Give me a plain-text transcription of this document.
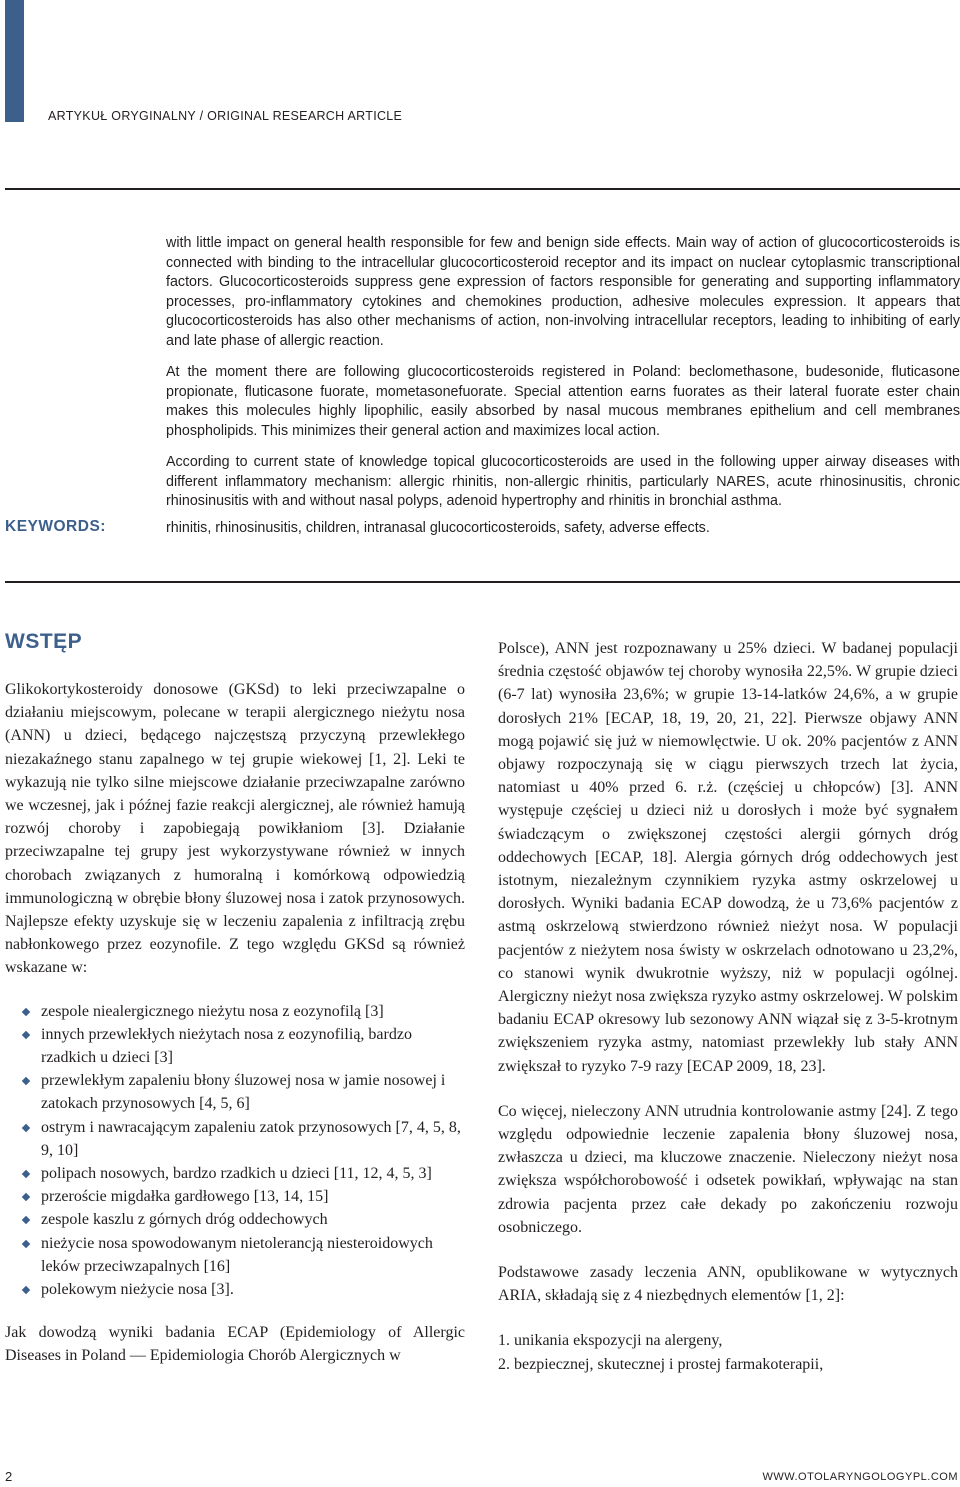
ARTYKUŁ ORYGINALNY / ORIGINAL RESEARCH ARTICLE

with little impact on general health responsible for few and benign side effects. Main way of action of glucocorticosteroids is connected with binding to the intracellular glucocorticosteroid receptor and its impact on nuclear cytoplasmic transcriptional factors. Glucocorticosteroids suppress gene expression of factors responsible for generating and supporting inflammatory processes, pro-inflammatory cytokines and chemokines production, adhesive molecules expression. It appears that glucocorticosteroids has also other mechanisms of action, non-involving intracellular receptors, leading to inhibiting of early and late phase of allergic reaction.

At the moment there are following glucocorticosteroids registered in Poland: beclomethasone, budesonide, fluticasone propionate, fluticasone fuorate, mometasonefuorate. Special attention earns fuorates as their lateral fuorate ester chain makes this molecules highly lipophilic, easily absorbed by nasal mucous membranes epithelium and cell membranes phospholipids. This minimizes their general action and maximizes local action.

According to current state of knowledge topical glucocorticosteroids are used in the following upper airway diseases with different inflammatory mechanism: allergic rhinitis, non-allergic rhinitis, particularly NARES, acute rhinosinusitis, chronic rhinosinusitis with and without nasal polyps, adenoid hypertrophy and rhinitis in bronchial asthma.

KEYWORDS:	rhinitis, rhinosinusitis, children, intranasal glucocorticosteroids, safety, adverse effects.
WSTĘP

Glikokortykosteroidy donosowe (GKSd) to leki przeciwzapalne o działaniu miejscowym, polecane w terapii alergicznego nieżytu nosa (ANN) u dzieci, będącego najczęstszą przyczyną przewlekłego niezakaźnego stanu zapalnego w tej grupie wiekowej [1, 2]. Leki te wykazują nie tylko silne miejscowe działanie przeciwzapalne zarówno we wczesnej, jak i późnej fazie reakcji alergicznej, ale również hamują rozwój choroby i zapobiegają powikłaniom [3]. Działanie przeciwzapalne tej grupy jest wykorzystywane również w innych chorobach związanych z humoralną i komórkową odpowiedzią immunologiczną w obrębie błony śluzowej nosa i zatok przynosowych. Najlepsze efekty uzyskuje się w leczeniu zapalenia z infiltracją zrębu nabłonkowego przez eozynofile. Z tego względu GKSd są również wskazane w:

zespole niealergicznego nieżytu nosa z eozynofilą [3]
innych przewlekłych nieżytach nosa z eozynofilią, bardzo rzadkich u dzieci [3]
przewlekłym zapaleniu błony śluzowej nosa w jamie nosowej i zatokach przynosowych [4, 5, 6]
ostrym i nawracającym zapaleniu zatok przynosowych [7, 4, 5, 8, 9, 10]
polipach nosowych, bardzo rzadkich u dzieci [11, 12, 4, 5, 3]
przeroście migdałka gardłowego [13, 14, 15]
zespole kaszlu z górnych dróg oddechowych
nieżycie nosa spowodowanym nietolerancją niesteroidowych leków przeciwzapalnych [16]
polekowym nieżycie nosa [3].

Jak dowodzą wyniki badania ECAP (Epidemiology of Allergic Diseases in Poland — Epidemiologia Chorób Alergicznych w

Polsce), ANN jest rozpoznawany u 25% dzieci. W badanej populacji średnia częstość objawów tej choroby wynosiła 22,5%. W grupie dzieci (6-7 lat) wynosiła 23,6%; w grupie 13-14-latków 24,6%, a w grupie dorosłych 21% [ECAP, 18, 19, 20, 21, 22]. Pierwsze objawy ANN mogą pojawić się już w niemowlęctwie. U ok. 20% pacjentów z ANN objawy rozpoczynają się w ciągu pierwszych trzech lat życia, natomiast u 40% przed 6. r.ż. (częściej u chłopców) [3]. ANN występuje częściej u dzieci niż u dorosłych i może być sygnałem świadczącym o zwiększonej częstości alergii górnych dróg oddechowych [ECAP, 18]. Alergia górnych dróg oddechowych jest istotnym, niezależnym czynnikiem ryzyka astmy oskrzelowej u dorosłych. Wyniki badania ECAP dowodzą, że u 73,6% pacjentów z astmą oskrzelową stwierdzono również nieżyt nosa. W populacji pacjentów z nieżytem nosa świsty w oskrzelach odnotowano u 23,2%, co stanowi wynik dwukrotnie wyższy, niż w populacji ogólnej. Alergiczny nieżyt nosa zwiększa ryzyko astmy oskrzelowej. W polskim badaniu ECAP okresowy lub sezonowy ANN wiązał się z 3-5-krotnym zwiększeniem ryzyka astmy, natomiast przewlekły lub stały ANN zwiększał to ryzyko 7-9 razy [ECAP 2009, 18, 23].

Co więcej, nieleczony ANN utrudnia kontrolowanie astmy [24]. Z tego względu odpowiednie leczenie zapalenia błony śluzowej nosa, zwłaszcza u dzieci, ma kluczowe znaczenie. Nieleczony nieżyt nosa zwiększa współchorobowość i odsetek powikłań, wpływając na stan zdrowia pacjenta przez całe dekady po zakończeniu rozwoju osobniczego.

Podstawowe zasady leczenia ANN, opublikowane w wytycznych ARIA, składają się z 4 niezbędnych elementów [1, 2]:

1. unikania ekspozycji na alergeny,
2. bezpiecznej, skutecznej i prostej farmakoterapii,
2	WWW.OTOLARYNGOLOGYPL.COM
